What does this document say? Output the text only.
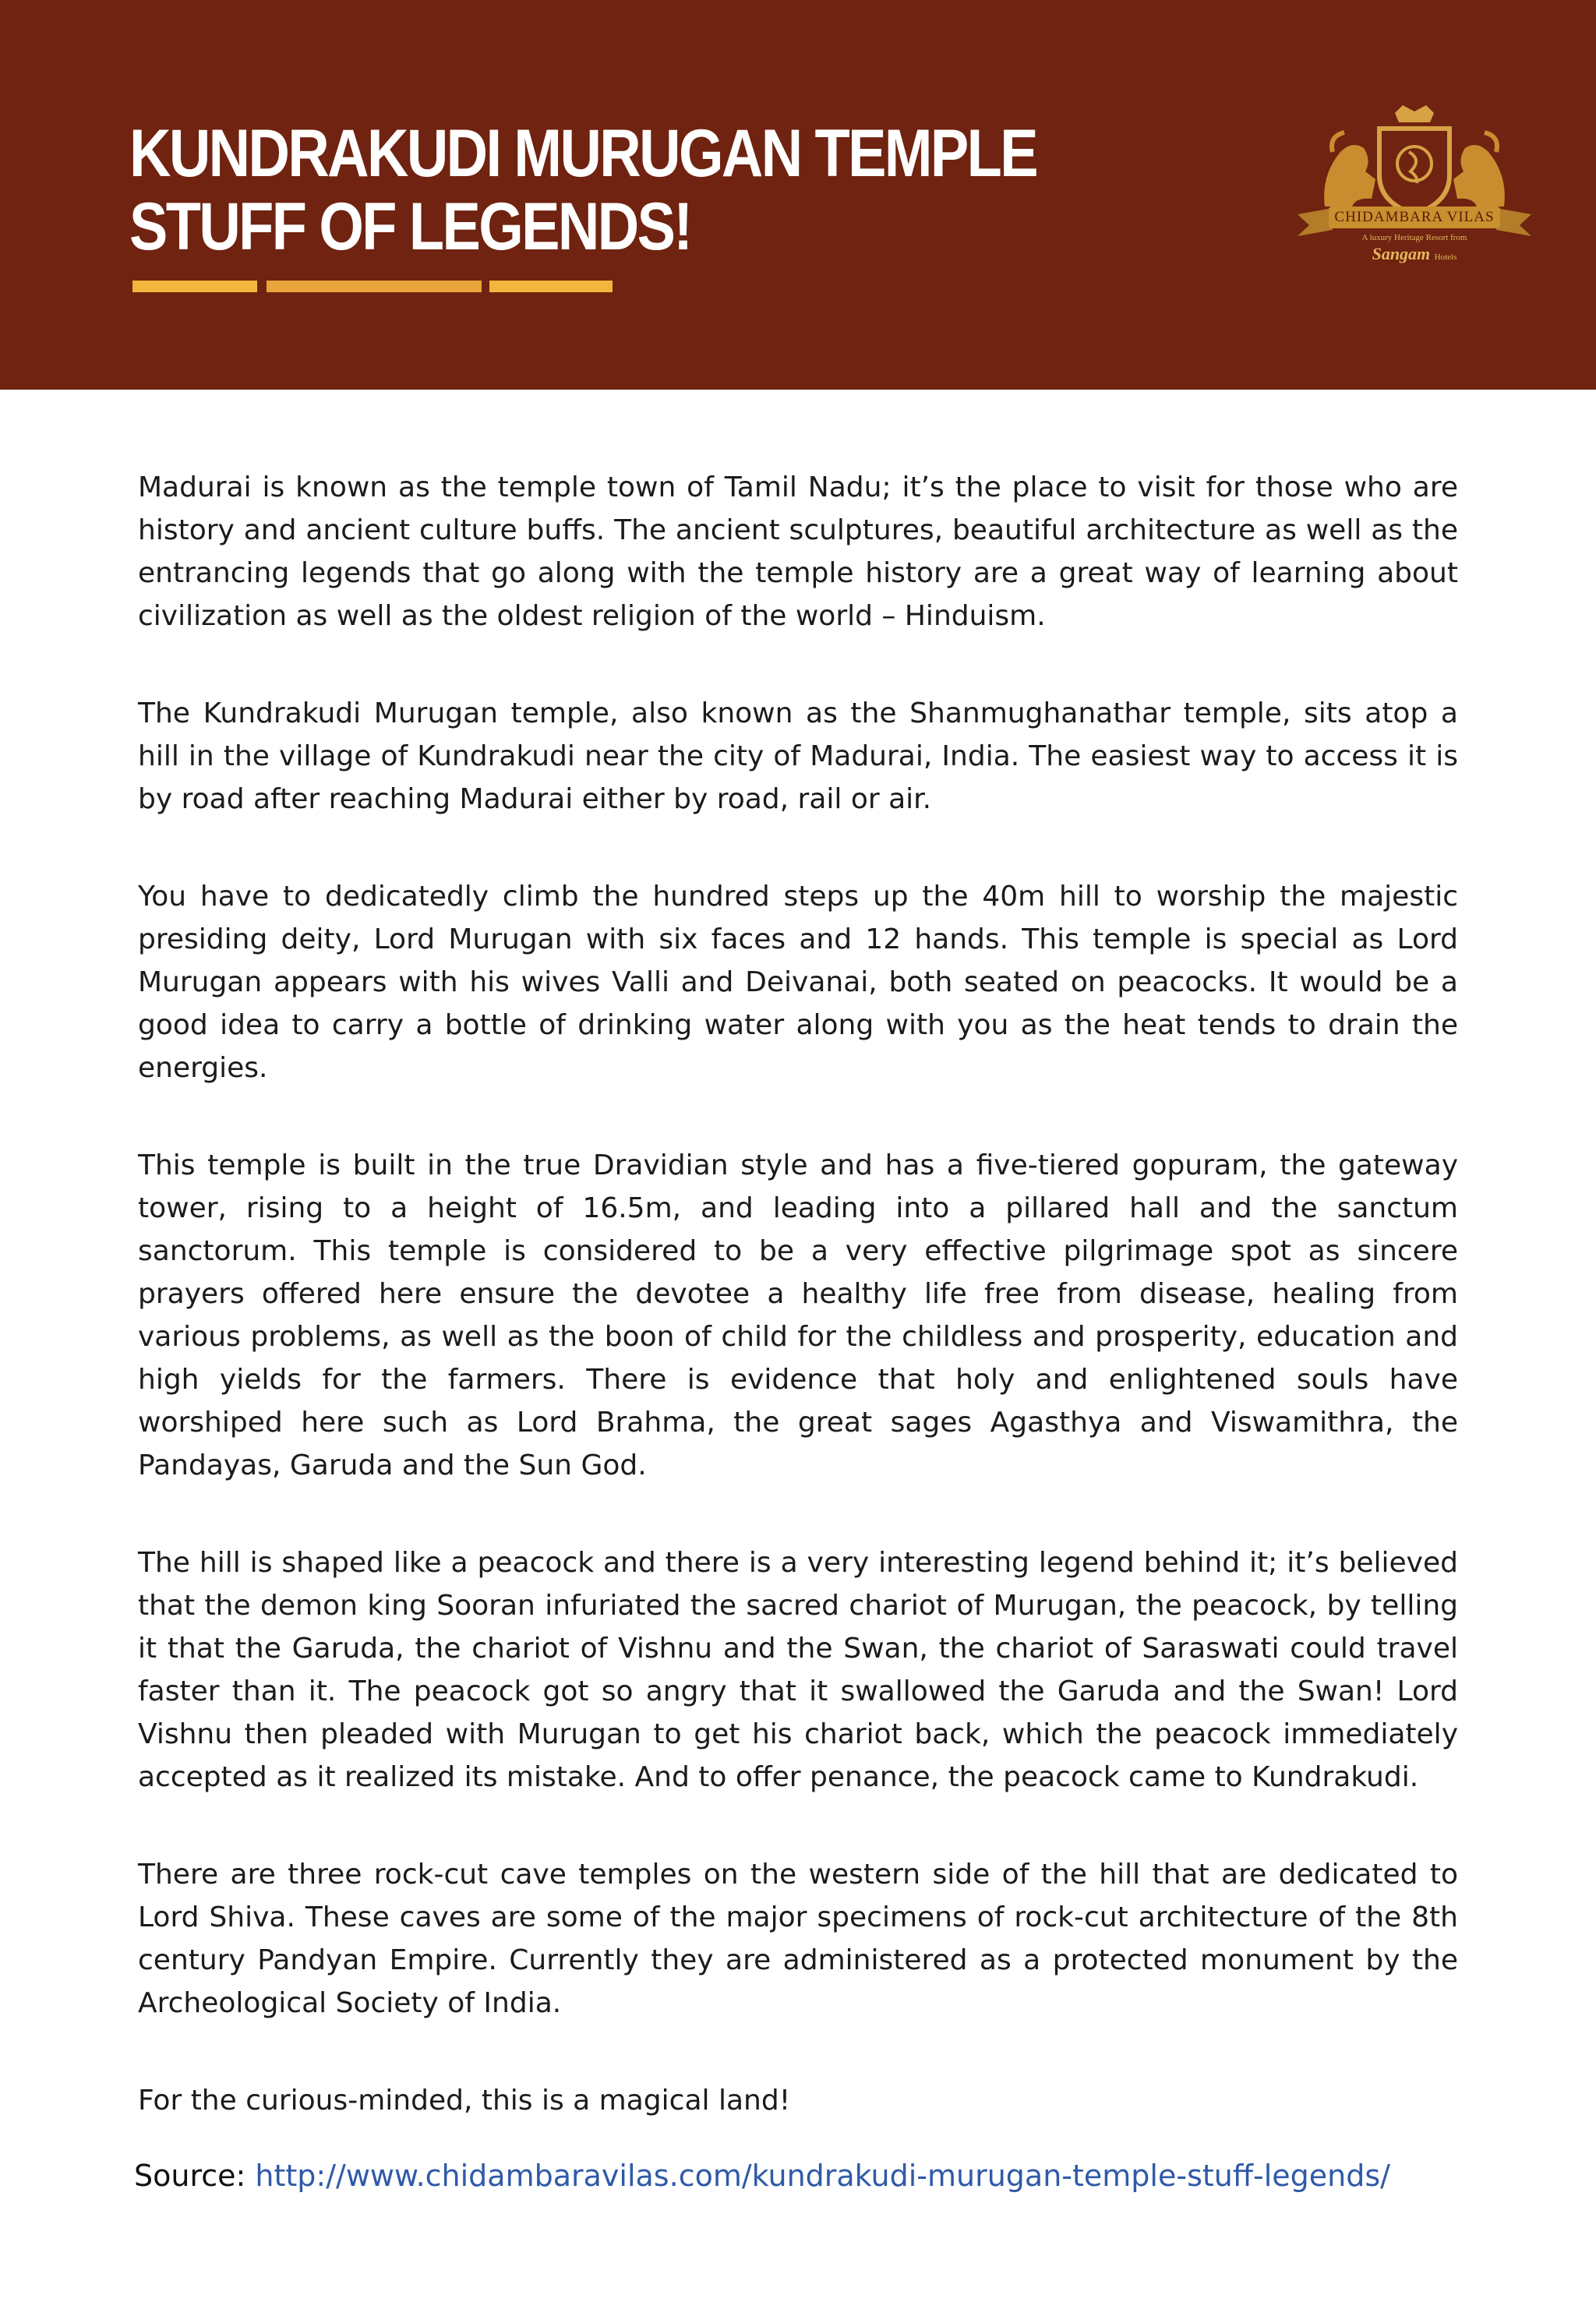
KUNDRAKUDI MURUGAN TEMPLE
STUFF OF LEGENDS!	CHIDAMBARA VILAS
A luxury Heritage Resort from
Sangam Hotels

Madurai is known as the temple town of Tamil Nadu; it’s the place to visit for those who are history and ancient culture buffs. The ancient sculptures, beautiful architecture as well as the entrancing legends that go along with the temple history are a great way of learning about civilization as well as the oldest religion of the world – Hinduism.

The Kundrakudi Murugan temple, also known as the Shanmughanathar temple, sits atop a hill in the village of Kundrakudi near the city of Madurai, India. The easiest way to access it is by road after reaching Madurai either by road, rail or air.

You have to dedicatedly climb the hundred steps up the 40m hill to worship the majestic presiding deity, Lord Murugan with six faces and 12 hands. This temple is special as Lord Murugan appears with his wives Valli and Deivanai, both seated on peacocks. It would be a good idea to carry a bottle of drinking water along with you as the heat tends to drain the energies.

This temple is built in the true Dravidian style and has a five-tiered gopuram, the gateway tower, rising to a height of 16.5m, and leading into a pillared hall and the sanctum sanctorum. This temple is considered to be a very effective pilgrimage spot as sincere prayers offered here ensure the devotee a healthy life free from disease, healing from various problems, as well as the boon of child for the childless and prosperity, education and high yields for the farmers. There is evidence that holy and enlightened souls have worshiped here such as Lord Brahma, the great sages Agasthya and Viswamithra, the Pandayas, Garuda and the Sun God.

The hill is shaped like a peacock and there is a very interesting legend behind it; it’s believed that the demon king Sooran infuriated the sacred chariot of Murugan, the peacock, by telling it that the Garuda, the chariot of Vishnu and the Swan, the chariot of Saraswati could travel faster than it. The peacock got so angry that it swallowed the Garuda and the Swan! Lord Vishnu then pleaded with Murugan to get his chariot back, which the peacock immediately accepted as it realized its mistake. And to offer penance, the peacock came to Kundrakudi.

There are three rock-cut cave temples on the western side of the hill that are dedicated to Lord Shiva. These caves are some of the major specimens of rock-cut architecture of the 8th century Pandyan Empire. Currently they are administered as a protected monument by the Archeological Society of India.

For the curious-minded, this is a magical land!

Source: http://www.chidambaravilas.com/kundrakudi-murugan-temple-stuff-legends/
